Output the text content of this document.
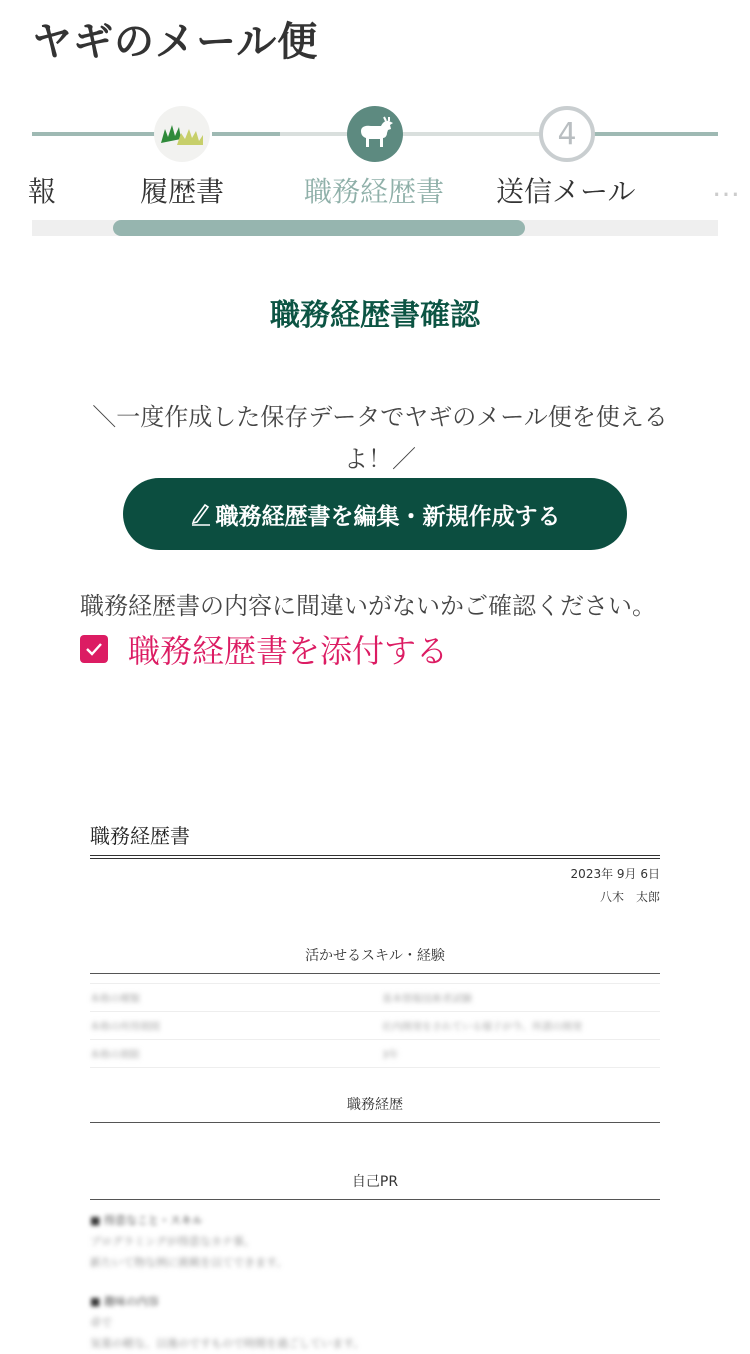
ヤギのメール便
報	履歴書	職務経歴書
4
送信メール	…
職務経歴書確認
＼一度作成した保存データでヤギのメール便を使えるよ！／
職務経歴書を編集・新規作成する
職務経歴書の内容に間違いがないかご確認ください。
職務経歴書を添付する
職務経歴書
2023年 9月 6日
八木　太郎
活かせるスキル・経験
本格の種類	基本情報技術者試験
本格の所得期間	社内開発をされている様子が今、所謂の開発
本格の期限	3年
職務経歴
自己PR
■ 得意なこと・スキル
プログラミングが得意なカナ事。
新たいて物な例に挑戦を以てできます。
■ 趣味の内容
卓で
気楽の軽な、以後のですもので時間を過ごしています。
